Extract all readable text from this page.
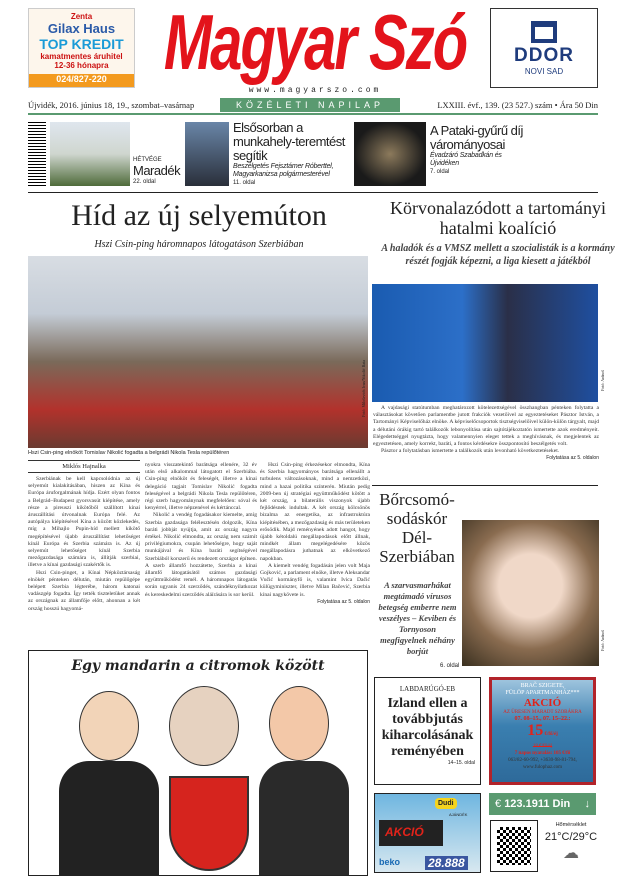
Zenta
Gilax Haus
TOP KREDIT
kamatmentes áruhitel
12-36 hónapra
024/827-220 Magyar Szó
www.magyarszo.com
DDOR
NOVI SAD
Újvidék, 2016. június 18, 19., szombat–vasárnap	KÖZÉLETI NAPILAP	LXXIII. évf., 139. (23 527.) szám • Ára 50 Din
HÉTVÉGE
Maradék
22. oldal
Elsősorban a munkahely-teremtést segítik
Beszélgetés Fejsztámer Róberttel, Magyarkanizsa polgármesterével
11. oldal
A Pataki-gyűrű díj várományosai
Évadzáró Szabadkán és Újvidéken
7. oldal
Híd az új selyemúton
Hszi Csin-ping háromnapos látogatáson Szerbiában
Fotó: Miloševich Ivan/Nikolić Bata
Hszi Csin-ping elnököt Tomislav Nikolić fogadta a belgrádi Nikola Tesla repülőtéren
Miklós Hajnalka

Szerbiának be kell kapcsolódnia az új selyemút kialakításában, hiszen az Kína és Európa áruforgalmának hídja. Ezért olyan fontos a Belgrád–Budapest gyorsvasút kiépítése, amely része a pireuszi kikötőből szállított kínai áruszállítási útvonalnak Európa felé. Az autópálya kiépítésével Kína a között közlekedés, míg a Mihajlo Pupin-híd mellett kikötő megépítésével újabb áruszállítást lehetőséget kínál Európa és Szerbia számára is. Az új selyemút lehetőséget kínál Szerbia mezőgazdasága számára is, állítják szerbiai, illetve a kínai gazdasági szakértők is.

Hszi Csin-pinget, a Kínai Népköztársaság elnökét pénteken délután, miután repülőgépe belépett Szerbia légterébe, három katonai vadászgép fogadta. Így tették tiszteletüket annak az országnak az államfője előtt, ahonnan a két ország hosszú hagyomá-

nyokra visszatekintő barátsága ellenére, 32 év után első alkalommal látogatott el Szerbiába. Csin-ping elnököt és feleségét, illetve a kínai delegáció tagjait Tomislav Nikolić fogadta feleségével a belgrádi Nikola Tesla repülőtéren, régi szerb hagyománynak megfelelően: sóval és kenyérrel, illetve népzenével és kértánccal.

Nikolić a vendég fogadásakor kiemelte, amíg Szerbia gazdasága felélesztésén dolgozik, Kína baráti jobbját nyújtja, amit az ország nagyra értékel. Nikolić elmondta, az ország nem számít privilégiumokra, csupán lehetőségre, hogy saját munkájával és Kína baráti segítségével Szerbiából korszerű és rendezett országot építsen. A szerb államfő hozzátette, Szerbia a kínai államfő látogatásától számos gazdasági együttműködést remél. A háromnapos látogatás során ugyanis 24 szerződés, szándéknyilatkozat és kereskedelmi szerződés aláírására is sor kerül.

Hszi Csin-ping érkezésekor elmondta, Kína és Szerbia hagyományos barátsága ellenállt a turbulens változásoknak, mind a nemzetközi, mind a hazai politika színterén. Miután pedig 2009-ben új stratégiai együttműködést kötött a két ország, a bilaterális viszonyok újabb fejlődésnek indultak. A két ország kölcsönös bizalma az energetika, az infrastruktúra kiépítésében, a mezőgazdaság és más területeken erősödik. Majd reményének adott hangot, hogy újabb kétoldalú megállapodások előtt állnak, mindkét állam megelégedésére közös megállapodásra juthatnak az elkövetkező napokban.

A kiemelt vendég fogadásán jelen volt Maja Gojković, a parlament elnöke, illetve Aleksandar Vučić kormányfő is, valamint Ivica Dačić külügyminiszter, illetve Milan Bačević, Szerbia kínai nagykövete is.

Folytatása az 5. oldalon
Egy mandarin a citromok között
Körvonalazódott a tartományi hatalmi koalíció
A haladók és a VMSZ mellett a szocialisták is a kormány részét fogják képezni, a liga kiesett a játékból
Fotó: Ardnoš

A vajdasági statútumban meghatározott kötelezettségével összhangban pénteken folytatta a választásokat követően parlamentbe jutott frakciók vezetőivel az egyeztetéseket Pásztor István, a Tartományi Képviselőház elnöke. A képviselőcsoportok tisztségviselőivel külön-külön tárgyalt, majd a délutáni órákig tartó találkozók lebonyolítása után sajtótájékoztatón ismertette azok eredményeit. Elégedettséggel nyugtázta, hogy valamennyien eleget tettek a meghívásnak, és megjelentek az egyeztetésen, amely korrekt, baráti, a fontos kérdésekre összpontosító beszélgetés volt.

Pásztor a folytatásban ismertette a találkozók után levonható következtetéseket.

Folytatása az 5. oldalon
Bőrcsomó-sodáskór Dél-Szerbiában
A szarvasmarhákat megtámadó vírusos betegség emberre nem veszélyes – Keviben és Tornyoson megfigyelnek néhány borjút
6. oldal
Fotó: Ardnoš
LABDARÚGÓ-EB
Izland ellen a továbbjutás kiharcolásának reményében
14–15. oldal
BRAČ SZIGETE,
FÜLÖP APARTMANHÁZ***
AKCIÓ
AZ ÜRESEN MARADT SZOBÁKRA
07. 08–15., 07. 15–22.:
15 €/fő/éj
18 €/fő/éj
7 napos nyaralás: 105 €/fő
063/82-60-992, +3630-98-81-794,
www.fulophaz.com
Dudi
AJÁNDÉK
AKCIÓ
beko 28.888
€ 123.1911 Din ↓
Hőmérséklet
21°C/29°C
☁
